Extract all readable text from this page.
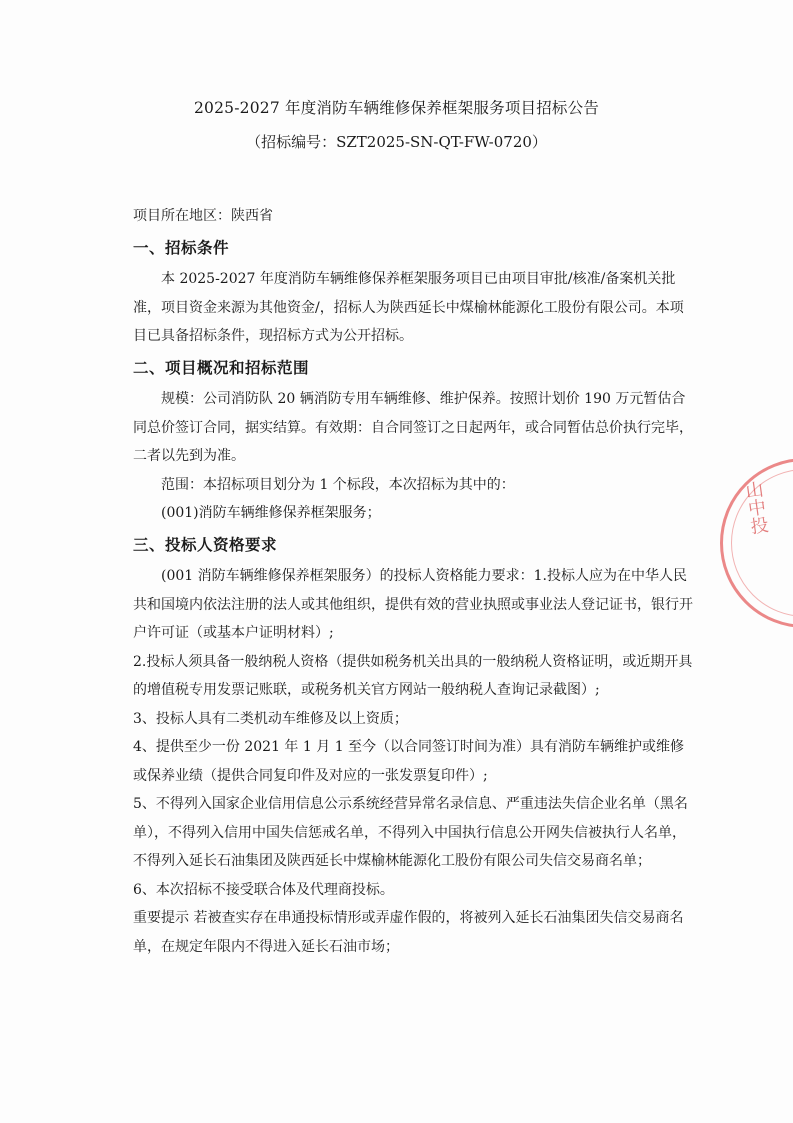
2025-2027 年度消防车辆维修保养框架服务项目招标公告
（招标编号：SZT2025-SN-QT-FW-0720）

项目所在地区：陕西省

一、招标条件

本 2025-2027 年度消防车辆维修保养框架服务项目已由项目审批/核准/备案机关批准，项目资金来源为其他资金/，招标人为陕西延长中煤榆林能源化工股份有限公司。本项目已具备招标条件，现招标方式为公开招标。

二、项目概况和招标范围

规模：公司消防队 20 辆消防专用车辆维修、维护保养。按照计划价 190 万元暂估合同总价签订合同，据实结算。有效期：自合同签订之日起两年，或合同暂估总价执行完毕，二者以先到为准。

范围：本招标项目划分为 1 个标段，本次招标为其中的：

(001)消防车辆维修保养框架服务；

三、投标人资格要求

(001 消防车辆维修保养框架服务）的投标人资格能力要求：1.投标人应为在中华人民共和国境内依法注册的法人或其他组织，提供有效的营业执照或事业法人登记证书，银行开户许可证（或基本户证明材料）;

2.投标人须具备一般纳税人资格（提供如税务机关出具的一般纳税人资格证明，或近期开具的增值税专用发票记账联，或税务机关官方网站一般纳税人查询记录截图）;

3、投标人具有二类机动车维修及以上资质；

4、提供至少一份 2021 年 1 月 1 至今（以合同签订时间为准）具有消防车辆维护或维修或保养业绩（提供合同复印件及对应的一张发票复印件）;

5、不得列入国家企业信用信息公示系统经营异常名录信息、严重违法失信企业名单（黑名单），不得列入信用中国失信惩戒名单，不得列入中国执行信息公开网失信被执行人名单，不得列入延长石油集团及陕西延长中煤榆林能源化工股份有限公司失信交易商名单；

6、本次招标不接受联合体及代理商投标。

重要提示 若被查实存在串通投标情形或弄虚作假的，将被列入延长石油集团失信交易商名单，在规定年限内不得进入延长石油市场；

山中投
